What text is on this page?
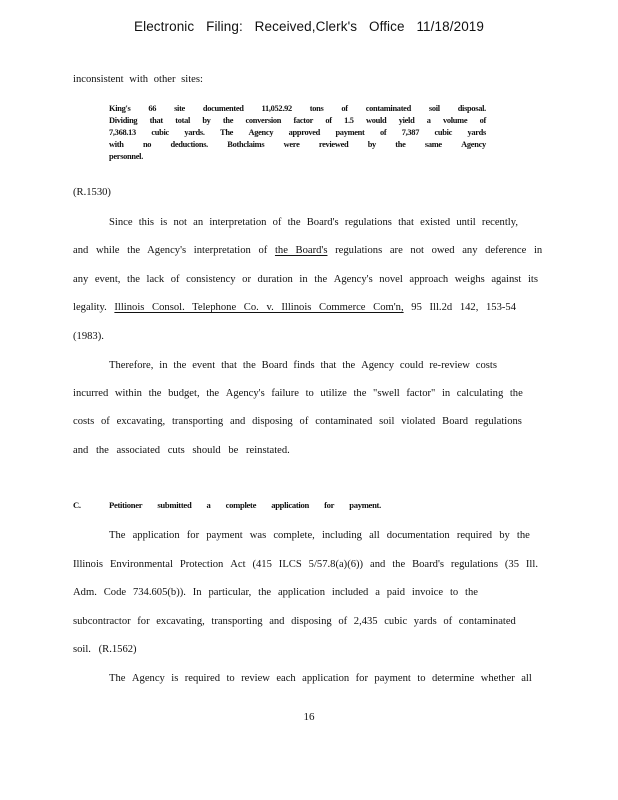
Electronic Filing: Received,Clerk's Office 11/18/2019
inconsistent with other sites:
King's 66 site documented 11,052.92 tons of contaminated soil disposal.
Dividing that total by the conversion factor of 1.5 would yield a volume of
7,368.13 cubic yards. The Agency approved payment of 7,387 cubic yards
with no deductions. Bothclaims were reviewed by the same Agency
personnel.
(R.1530)
Since this is not an interpretation of the Board's regulations that existed until recently,
and while the Agency's interpretation of the Board's regulations are not owed any deference in
any event, the lack of consistency or duration in the Agency's novel approach weighs against its
legality. Illinois Consol. Telephone Co. v. Illinois Commerce Com'n, 95 Ill.2d 142, 153-54
(1983).
Therefore, in the event that the Board finds that the Agency could re-review costs
incurred within the budget, the Agency's failure to utilize the "swell factor" in calculating the
costs of excavating, transporting and disposing of contaminated soil violated Board regulations
and the associated cuts should be reinstated.
C.	Petitioner submitted a complete application for payment.
The application for payment was complete, including all documentation required by the
Illinois Environmental Protection Act (415 ILCS 5/57.8(a)(6)) and the Board's regulations (35 Ill.
Adm. Code 734.605(b)). In particular, the application included a paid invoice to the
subcontractor for excavating, transporting and disposing of 2,435 cubic yards of contaminated
soil. (R.1562)
The Agency is required to review each application for payment to determine whether all
16
